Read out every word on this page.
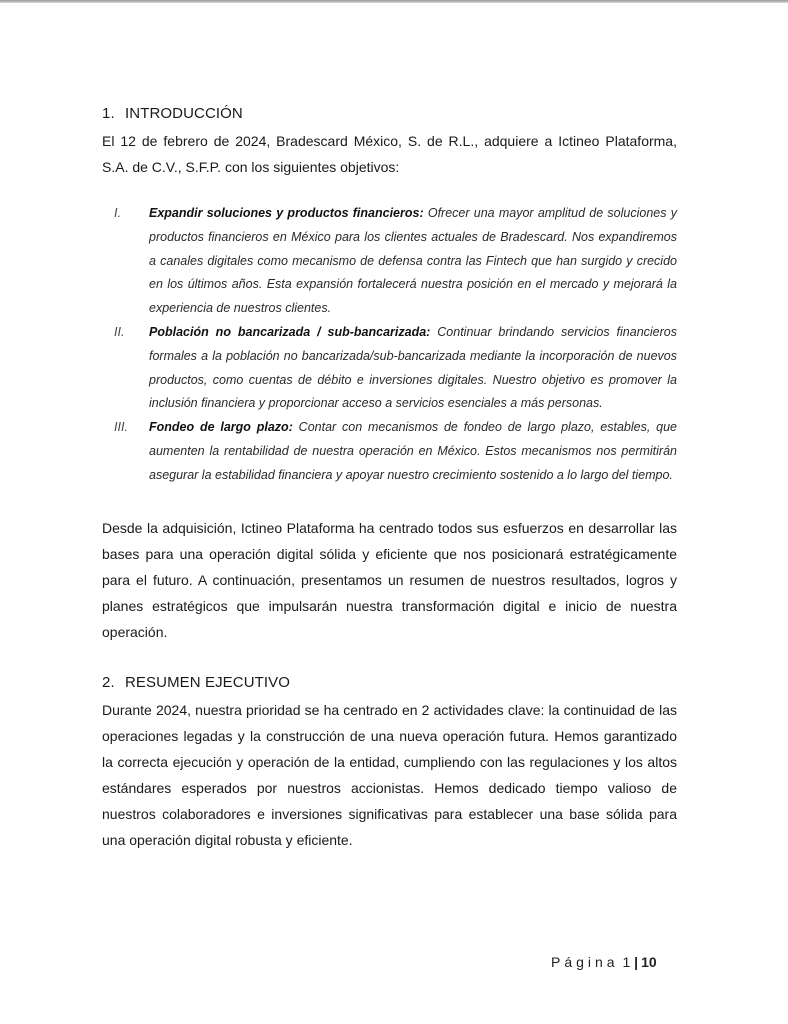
1. INTRODUCCIÓN

El 12 de febrero de 2024, Bradescard México, S. de R.L., adquiere a Ictineo Plataforma, S.A. de C.V., S.F.P. con los siguientes objetivos:

I. Expandir soluciones y productos financieros: Ofrecer una mayor amplitud de soluciones y productos financieros en México para los clientes actuales de Bradescard. Nos expandiremos a canales digitales como mecanismo de defensa contra las Fintech que han surgido y crecido en los últimos años. Esta expansión fortalecerá nuestra posición en el mercado y mejorará la experiencia de nuestros clientes.
II. Población no bancarizada / sub-bancarizada: Continuar brindando servicios financieros formales a la población no bancarizada/sub-bancarizada mediante la incorporación de nuevos productos, como cuentas de débito e inversiones digitales. Nuestro objetivo es promover la inclusión financiera y proporcionar acceso a servicios esenciales a más personas.
III. Fondeo de largo plazo: Contar con mecanismos de fondeo de largo plazo, estables, que aumenten la rentabilidad de nuestra operación en México. Estos mecanismos nos permitirán asegurar la estabilidad financiera y apoyar nuestro crecimiento sostenido a lo largo del tiempo.

Desde la adquisición, Ictineo Plataforma ha centrado todos sus esfuerzos en desarrollar las bases para una operación digital sólida y eficiente que nos posicionará estratégicamente para el futuro. A continuación, presentamos un resumen de nuestros resultados, logros y planes estratégicos que impulsarán nuestra transformación digital e inicio de nuestra operación.

2. RESUMEN EJECUTIVO

Durante 2024, nuestra prioridad se ha centrado en 2 actividades clave: la continuidad de las operaciones legadas y la construcción de una nueva operación futura. Hemos garantizado la correcta ejecución y operación de la entidad, cumpliendo con las regulaciones y los altos estándares esperados por nuestros accionistas. Hemos dedicado tiempo valioso de nuestros colaboradores e inversiones significativas para establecer una base sólida para una operación digital robusta y eficiente.

Página 1 | 10
